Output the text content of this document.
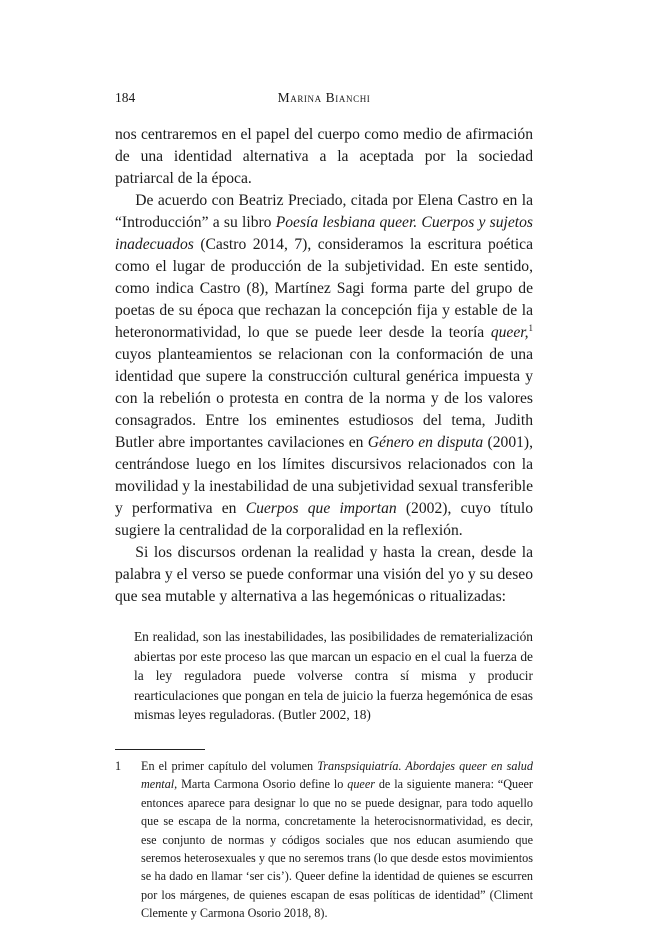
184	Marina Bianchi

nos centraremos en el papel del cuerpo como medio de afirmación de una identidad alternativa a la aceptada por la sociedad patriarcal de la época.

De acuerdo con Beatriz Preciado, citada por Elena Castro en la “Introducción” a su libro Poesía lesbiana queer. Cuerpos y sujetos inadecuados (Castro 2014, 7), consideramos la escritura poética como el lugar de producción de la subjetividad. En este sentido, como indica Castro (8), Martínez Sagi forma parte del grupo de poetas de su época que rechazan la concepción fija y estable de la heteronormatividad, lo que se puede leer desde la teoría queer,$^1$ cuyos planteamientos se relacionan con la conformación de una identidad que supere la construcción cultural genérica impuesta y con la rebelión o protesta en contra de la norma y de los valores consagrados. Entre los eminentes estudiosos del tema, Judith Butler abre importantes cavilaciones en Género en disputa (2001), centrándose luego en los límites discursivos relacionados con la movilidad y la inestabilidad de una subjetividad sexual transferible y performativa en Cuerpos que importan (2002), cuyo título sugiere la centralidad de la corporalidad en la reflexión.

Si los discursos ordenan la realidad y hasta la crean, desde la palabra y el verso se puede conformar una visión del yo y su deseo que sea mutable y alternativa a las hegemónicas o ritualizadas:

En realidad, son las inestabilidades, las posibilidades de rematerialización abiertas por este proceso las que marcan un espacio en el cual la fuerza de la ley reguladora puede volverse contra sí misma y producir rearticulaciones que pongan en tela de juicio la fuerza hegemónica de esas mismas leyes reguladoras. (Butler 2002, 18)

1 En el primer capítulo del volumen Transpsiquiatría. Abordajes queer en salud mental, Marta Carmona Osorio define lo queer de la siguiente manera: “Queer entonces aparece para designar lo que no se puede designar, para todo aquello que se escapa de la norma, concretamente la heterocisnormatividad, es decir, ese conjunto de normas y códigos sociales que nos educan asumiendo que seremos heterosexuales y que no seremos trans (lo que desde estos movimientos se ha dado en llamar ‘ser cis’). Queer define la identidad de quienes se escurren por los márgenes, de quienes escapan de esas políticas de identidad” (Climent Clemente y Carmona Osorio 2018, 8).
